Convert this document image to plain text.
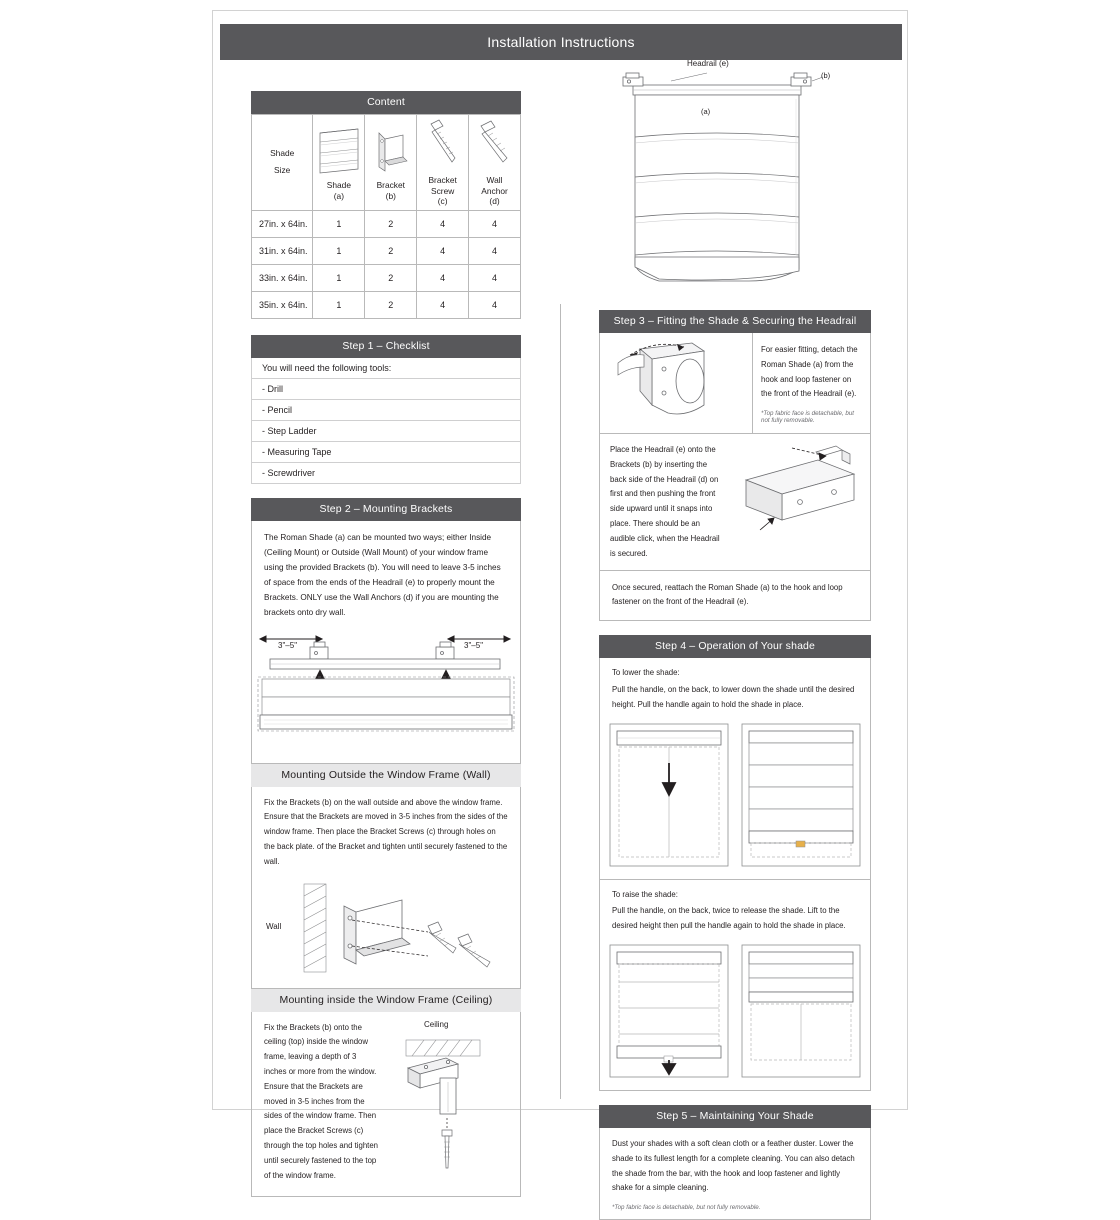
Installation Instructions
Headrail (e)
(b)
(a)
Content
Shade
Size

Shade
(a)

Bracket
(b)

Bracket
Screw
(c)

Wall
Anchor
(d)

27in. x 64in.	1	2	4	4
31in. x 64in.	1	2	4	4
33in. x 64in.	1	2	4	4
35in. x 64in.	1	2	4	4
Step 1 – Checklist
You will need the following tools:
- Drill
- Pencil
- Step Ladder
- Measuring Tape
- Screwdriver
Step 2 – Mounting Brackets
The Roman Shade (a) can be mounted two ways; either Inside (Ceiling Mount) or Outside (Wall Mount) of your window frame using the provided Brackets (b). You will need to leave 3-5 inches of space from the ends of the Headrail (e) to properly mount the Brackets. ONLY use the Wall Anchors (d) if you are mounting the brackets onto dry wall.
3"–5"	3"–5"
Mounting Outside the Window Frame (Wall)
Fix the Brackets (b) on the wall outside and above the window frame. Ensure that the Brackets are moved in 3-5 inches from the sides of the window frame. Then place the Bracket Screws (c) through holes on the back plate. of the Bracket and tighten until securely fastened to the wall.
Wall
Mounting inside the Window Frame (Ceiling)
Fix the Brackets (b) onto the ceiling (top) inside the window frame, leaving a depth of 3 inches or more from the window. Ensure that the Brackets are moved in 3-5 inches from the sides of the window frame. Then place the Bracket Screws (c) through the top holes and tighten until securely fastened to the top of the window frame.
Ceiling
Step 3 – Fitting the Shade & Securing the Headrail
For easier fitting, detach the Roman Shade (a) from the hook and loop fastener on the front of the Headrail (e).
*Top fabric face is detachable, but not fully removable.
Place the Headrail (e) onto the Brackets (b) by inserting the back side of the Headrail (d) on first and then pushing the front side upward until it snaps into place. There should be an audible click, when the Headrail is secured.
Once secured, reattach the Roman Shade (a) to the hook and loop fastener on the front of the Headrail (e).
Step 4 – Operation of Your shade
To lower the shade:
Pull the handle, on the back, to lower down the shade until the desired height. Pull the handle again to hold the shade in place.
To raise the shade:
Pull the handle, on the back, twice to release the shade. Lift to the desired height then pull the handle again to hold the shade in place.
Step 5 – Maintaining Your Shade
Dust your shades with a soft clean cloth or a feather duster. Lower the shade to its fullest length for a complete cleaning. You can also detach the shade from the bar, with the hook and loop fastener and lightly shake for a simple cleaning.
*Top fabric face is detachable, but not fully removable.
